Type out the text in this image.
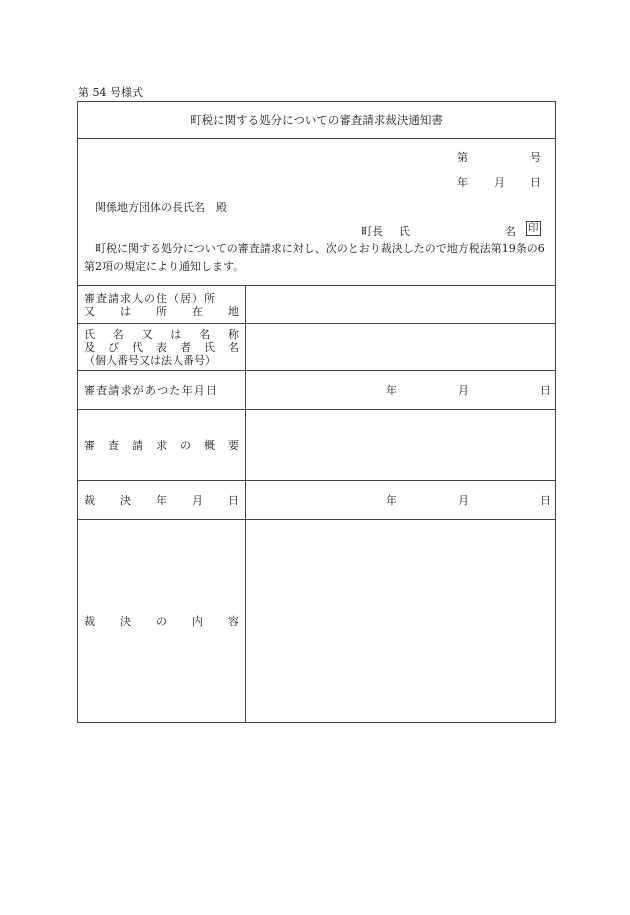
第 54 号様式
町税に関する処分についての審査請求裁決通知書
第	号
年 月 日
関係地方団体の長氏名　殿
町長 氏	名 印
　町税に関する処分についての審査請求に対し、次のとおり裁決したので地方税法第19条の6第2項の規定により通知します。
審査請求人の住（居）所
又 は 所 在 地
氏 名 又 は 名 称
及 び 代 表 者 氏 名
（個人番号又は法人番号）
審査請求があつた年月日	年	月	日
審 査 請 求 の 概 要
裁 決 年 月 日	年	月	日
裁 決 の 内 容
